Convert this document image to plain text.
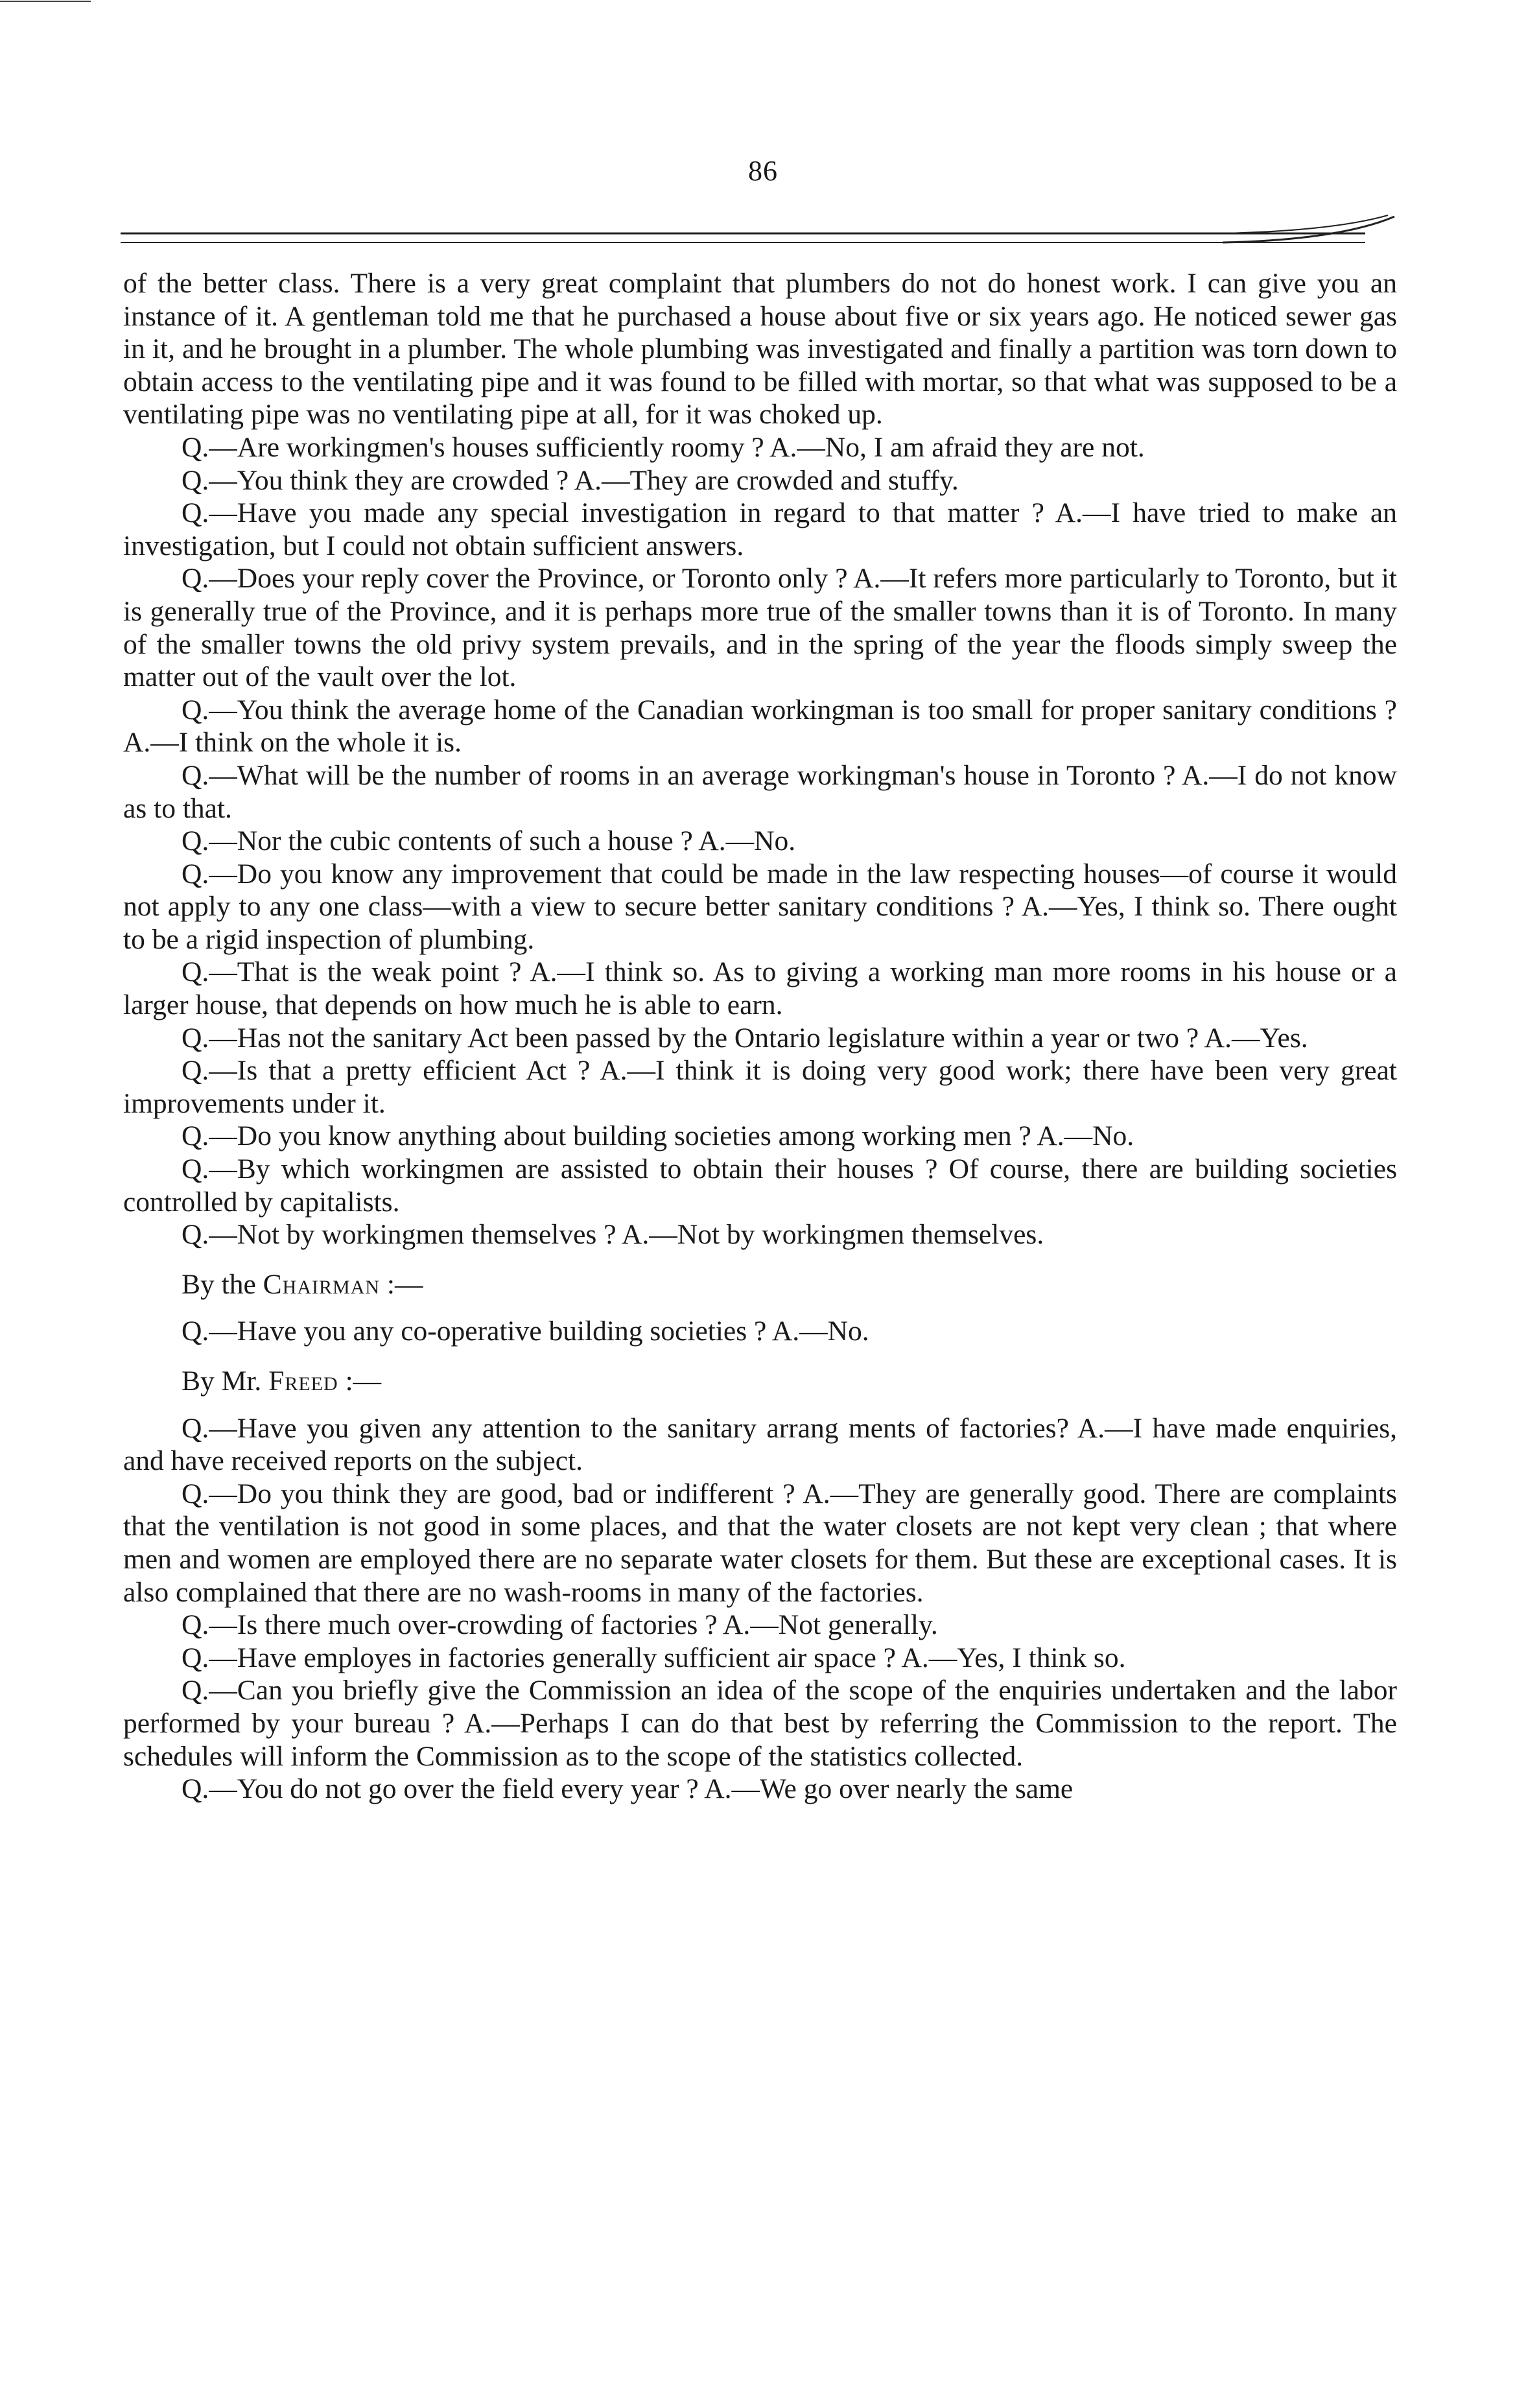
86

of the better class. There is a very great complaint that plumbers do not do honest work. I can give you an instance of it. A gentleman told me that he purchased a house about five or six years ago. He noticed sewer gas in it, and he brought in a plumber. The whole plumbing was investigated and finally a partition was torn down to obtain access to the ventilating pipe and it was found to be filled with mortar, so that what was supposed to be a ventilating pipe was no ventilating pipe at all, for it was choked up.

Q.—Are workingmen's houses sufficiently roomy ? A.—No, I am afraid they are not.

Q.—You think they are crowded ? A.—They are crowded and stuffy.

Q.—Have you made any special investigation in regard to that matter ? A.—I have tried to make an investigation, but I could not obtain sufficient answers.

Q.—Does your reply cover the Province, or Toronto only ? A.—It refers more particularly to Toronto, but it is generally true of the Province, and it is perhaps more true of the smaller towns than it is of Toronto. In many of the smaller towns the old privy system prevails, and in the spring of the year the floods simply sweep the matter out of the vault over the lot.

Q.—You think the average home of the Canadian workingman is too small for proper sanitary conditions ? A.—I think on the whole it is.

Q.—What will be the number of rooms in an average workingman's house in Toronto ? A.—I do not know as to that.

Q.—Nor the cubic contents of such a house ? A.—No.

Q.—Do you know any improvement that could be made in the law respecting houses—of course it would not apply to any one class—with a view to secure better sanitary conditions ? A.—Yes, I think so. There ought to be a rigid inspection of plumbing.

Q.—That is the weak point ? A.—I think so. As to giving a working man more rooms in his house or a larger house, that depends on how much he is able to earn.

Q.—Has not the sanitary Act been passed by the Ontario legislature within a year or two ? A.—Yes.

Q.—Is that a pretty efficient Act ? A.—I think it is doing very good work; there have been very great improvements under it.

Q.—Do you know anything about building societies among working men ? A.—No.

Q.—By which workingmen are assisted to obtain their houses ? Of course, there are building societies controlled by capitalists.

Q.—Not by workingmen themselves ? A.—Not by workingmen themselves.

By the Chairman :—

Q.—Have you any co-operative building societies ? A.—No.

By Mr. Freed :—

Q.—Have you given any attention to the sanitary arrang ments of factories? A.—I have made enquiries, and have received reports on the subject.

Q.—Do you think they are good, bad or indifferent ? A.—They are generally good. There are complaints that the ventilation is not good in some places, and that the water closets are not kept very clean ; that where men and women are employed there are no separate water closets for them. But these are exceptional cases. It is also complained that there are no wash-rooms in many of the factories.

Q.—Is there much over-crowding of factories ? A.—Not generally.

Q.—Have employes in factories generally sufficient air space ? A.—Yes, I think so.

Q.—Can you briefly give the Commission an idea of the scope of the enquiries undertaken and the labor performed by your bureau ? A.—Perhaps I can do that best by referring the Commission to the report. The schedules will inform the Commission as to the scope of the statistics collected.

Q.—You do not go over the field every year ? A.—We go over nearly the same
